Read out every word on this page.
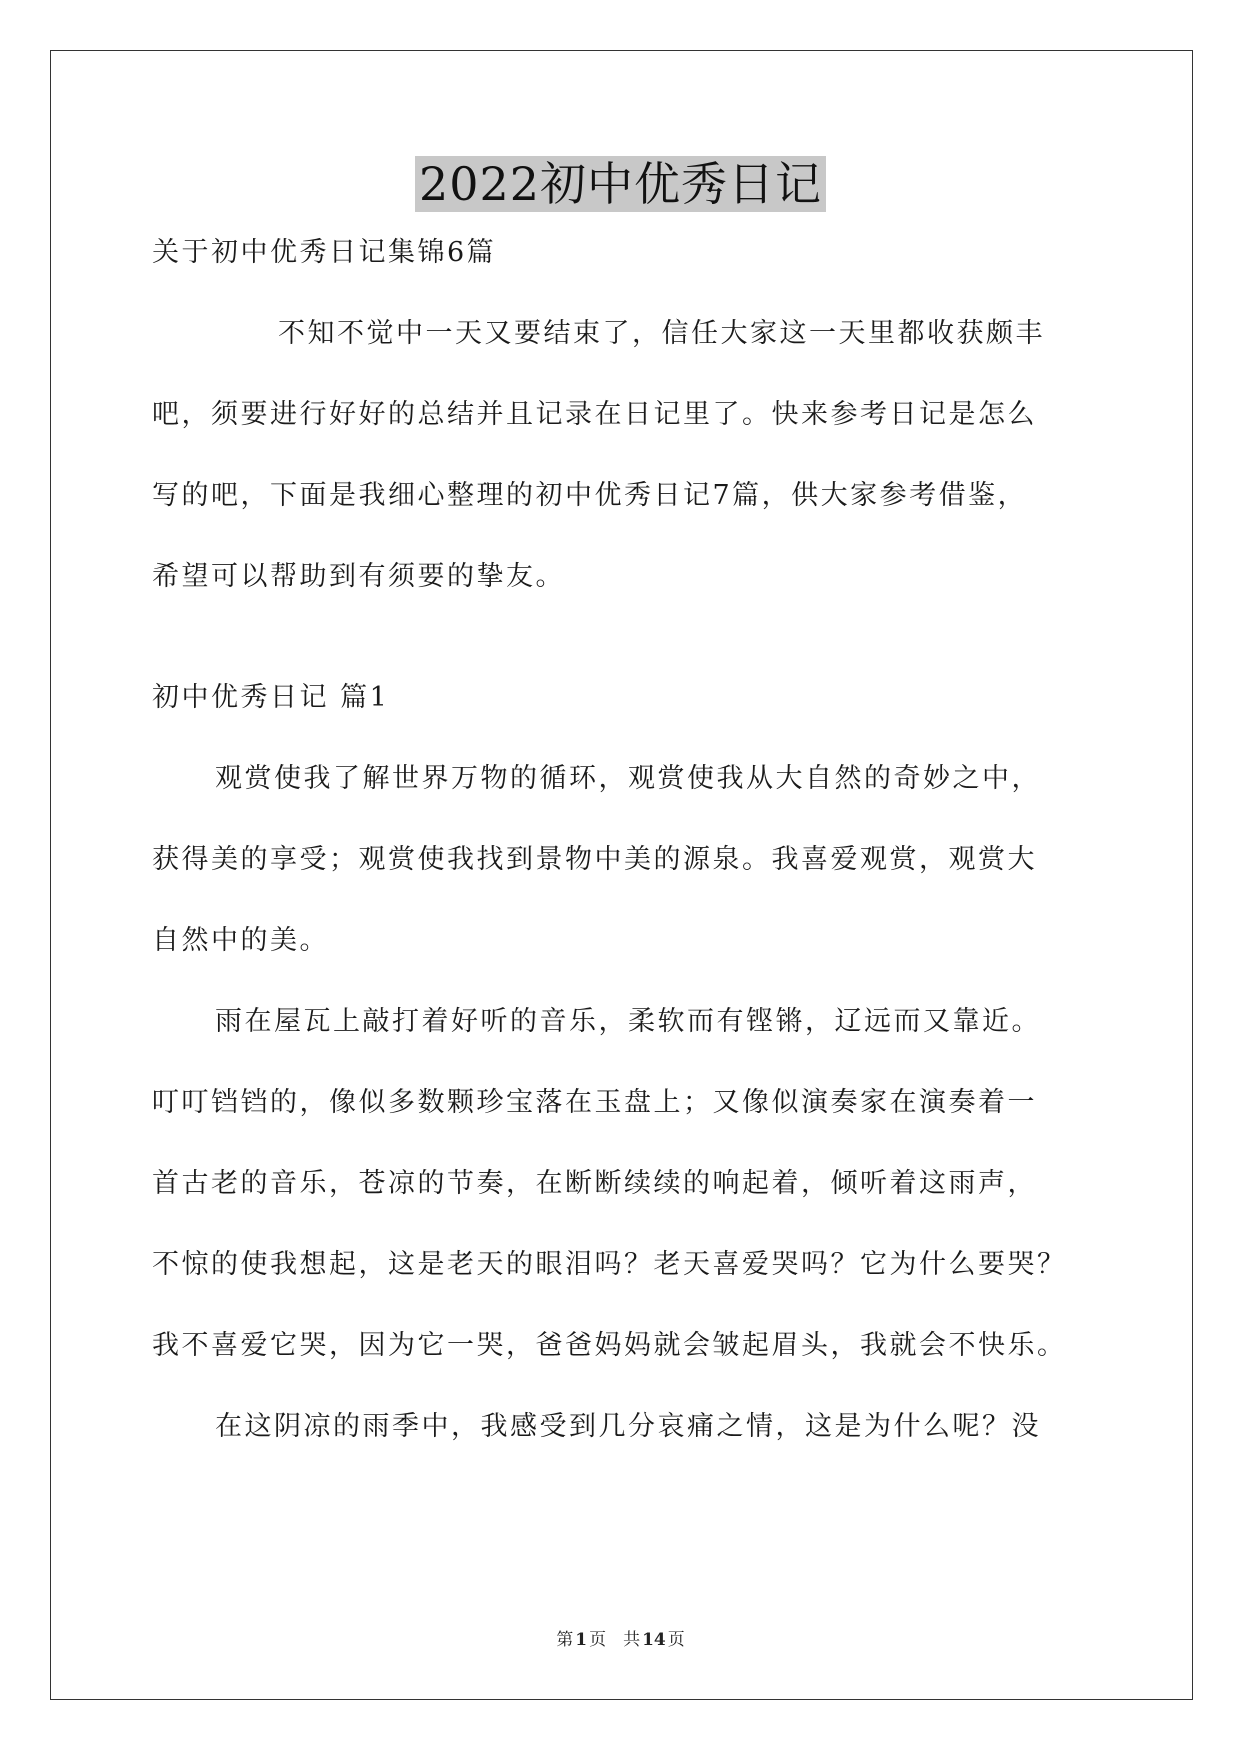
2022初中优秀日记
关于初中优秀日记集锦6篇
不知不觉中一天又要结束了，信任大家这一天里都收获颇丰
吧，须要进行好好的总结并且记录在日记里了。快来参考日记是怎么
写的吧，下面是我细心整理的初中优秀日记7篇，供大家参考借鉴，
希望可以帮助到有须要的挚友。
初中优秀日记 篇1
观赏使我了解世界万物的循环，观赏使我从大自然的奇妙之中，
获得美的享受；观赏使我找到景物中美的源泉。我喜爱观赏，观赏大
自然中的美。
雨在屋瓦上敲打着好听的音乐，柔软而有铿锵，辽远而又靠近。
叮叮铛铛的，像似多数颗珍宝落在玉盘上；又像似演奏家在演奏着一
首古老的音乐，苍凉的节奏，在断断续续的响起着，倾听着这雨声，
不惊的使我想起，这是老天的眼泪吗？老天喜爱哭吗？它为什么要哭？
我不喜爱它哭，因为它一哭，爸爸妈妈就会皱起眉头，我就会不快乐。
在这阴凉的雨季中，我感受到几分哀痛之情，这是为什么呢？没
第 1 页　共 14 页
